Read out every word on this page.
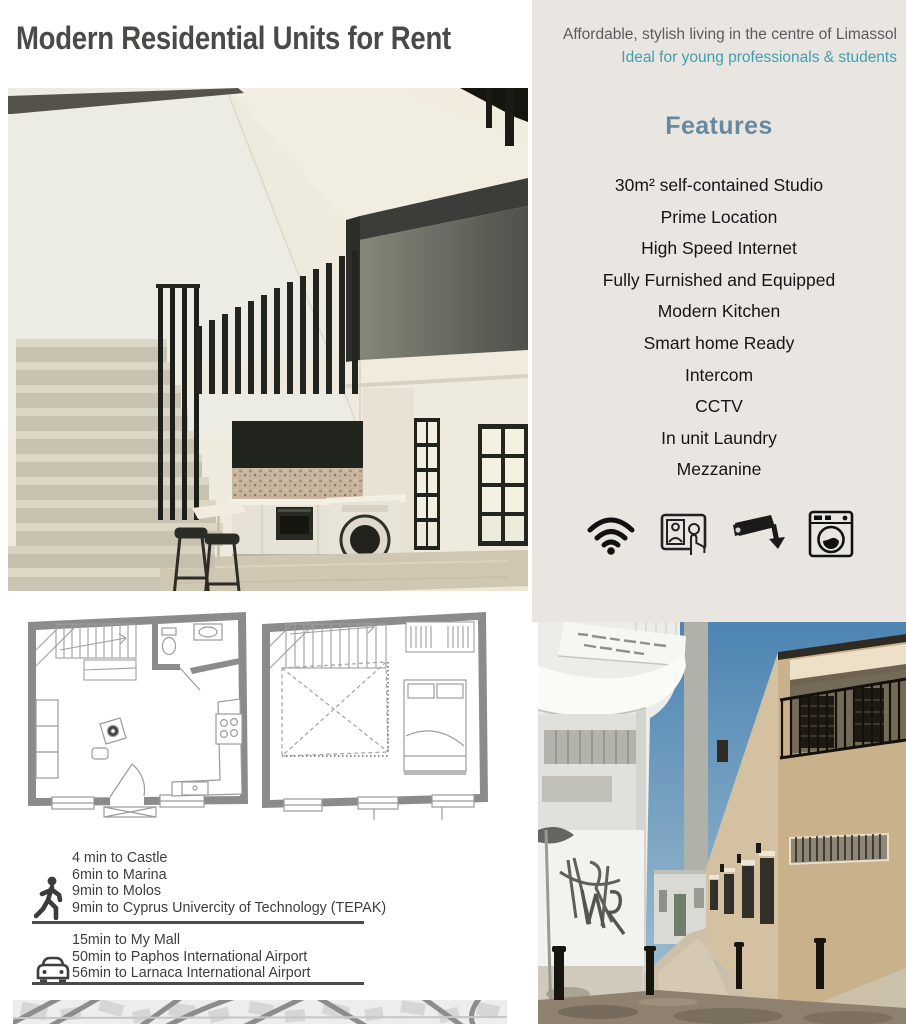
Modern Residential Units for Rent	Affordable, stylish living in the centre of Limassol
Ideal for young professionals & students
Features
30m² self-contained Studio
Prime Location
High Speed Internet
Fully Furnished and Equipped
Modern Kitchen
Smart home Ready
Intercom
CCTV
In unit Laundry
Mezzanine
4 min to Castle
6min to Marina
9min to Molos
9min to Cyprus Univercity of Technology (TEPAK)
15min to My Mall
50min to Paphos International Airport
56min to Larnaca International Airport
